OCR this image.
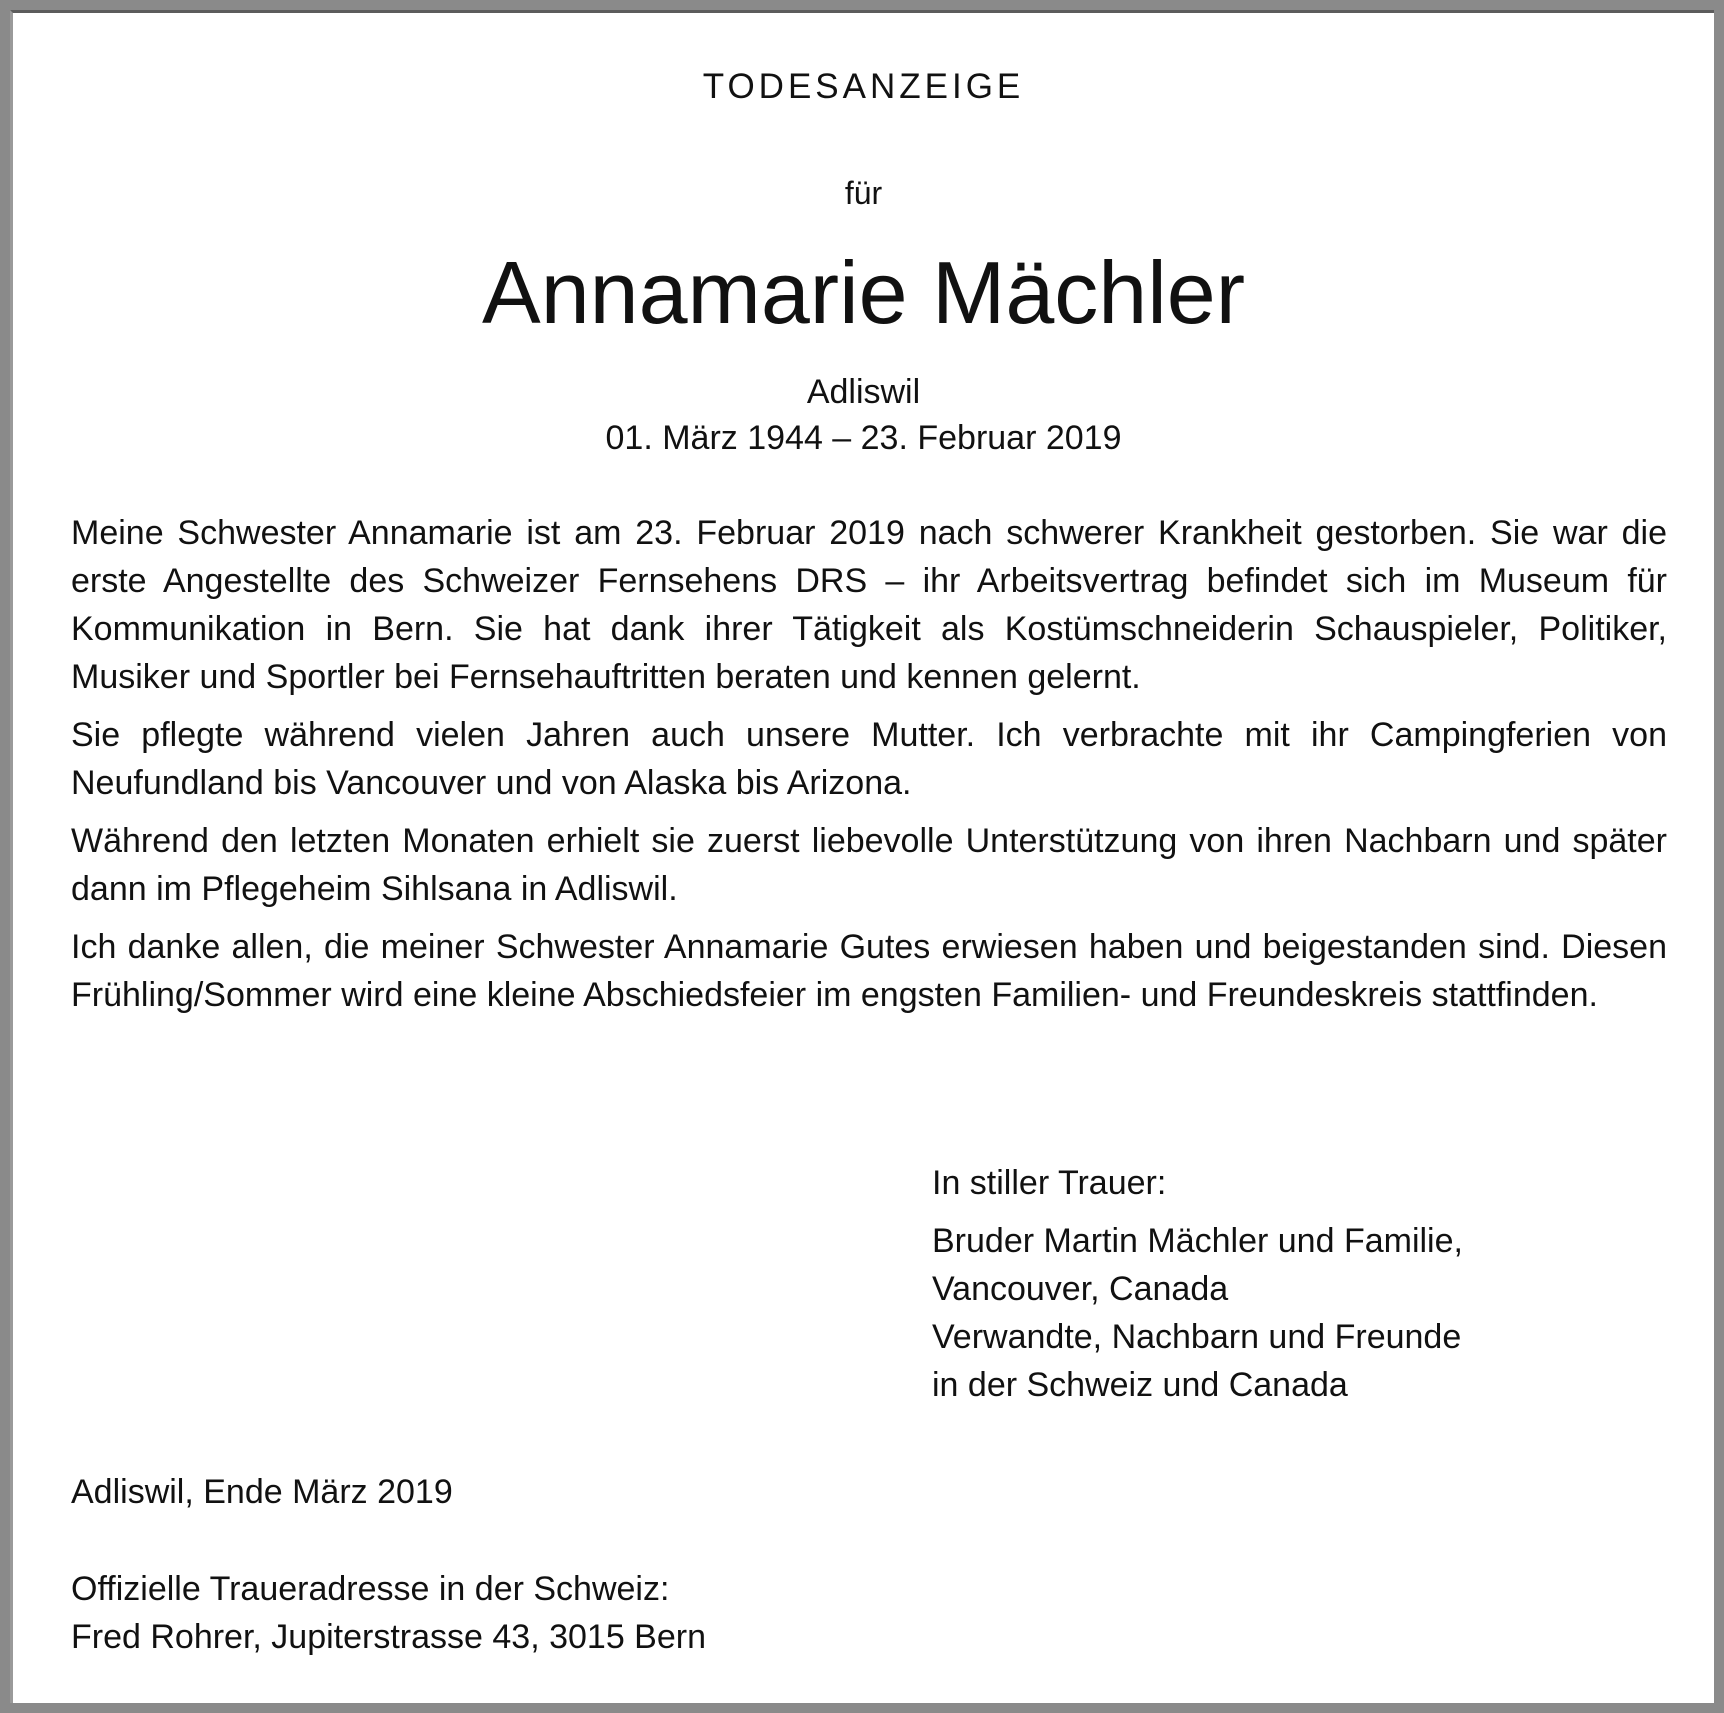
TODESANZEIGE
für
Annamarie Mächler
Adliswil
01. März 1944 – 23. Februar 2019

Meine Schwester Annamarie ist am 23. Februar 2019 nach schwerer Krankheit gestorben. Sie war die erste Angestellte des Schweizer Fernsehens DRS – ihr Arbeitsvertrag befindet sich im Museum für Kommunikation in Bern. Sie hat dank ihrer Tätigkeit als Kostümschneiderin Schauspieler, Politiker, Musiker und Sportler bei Fernsehauftritten beraten und kennen gelernt.

Sie pflegte während vielen Jahren auch unsere Mutter. Ich verbrachte mit ihr Campingferien von Neufundland bis Vancouver und von Alaska bis Arizona.

Während den letzten Monaten erhielt sie zuerst liebevolle Unterstützung von ihren Nachbarn und später dann im Pflegeheim Sihlsana in Adliswil.

Ich danke allen, die meiner Schwester Annamarie Gutes erwiesen haben und beigestanden sind. Diesen Frühling/Sommer wird eine kleine Abschiedsfeier im engsten Familien- und Freundeskreis stattfinden.

In stiller Trauer:
Bruder Martin Mächler und Familie,
Vancouver, Canada
Verwandte, Nachbarn und Freunde
in der Schweiz und Canada
Adliswil, Ende März 2019
Offizielle Traueradresse in der Schweiz:
Fred Rohrer, Jupiterstrasse 43, 3015 Bern
